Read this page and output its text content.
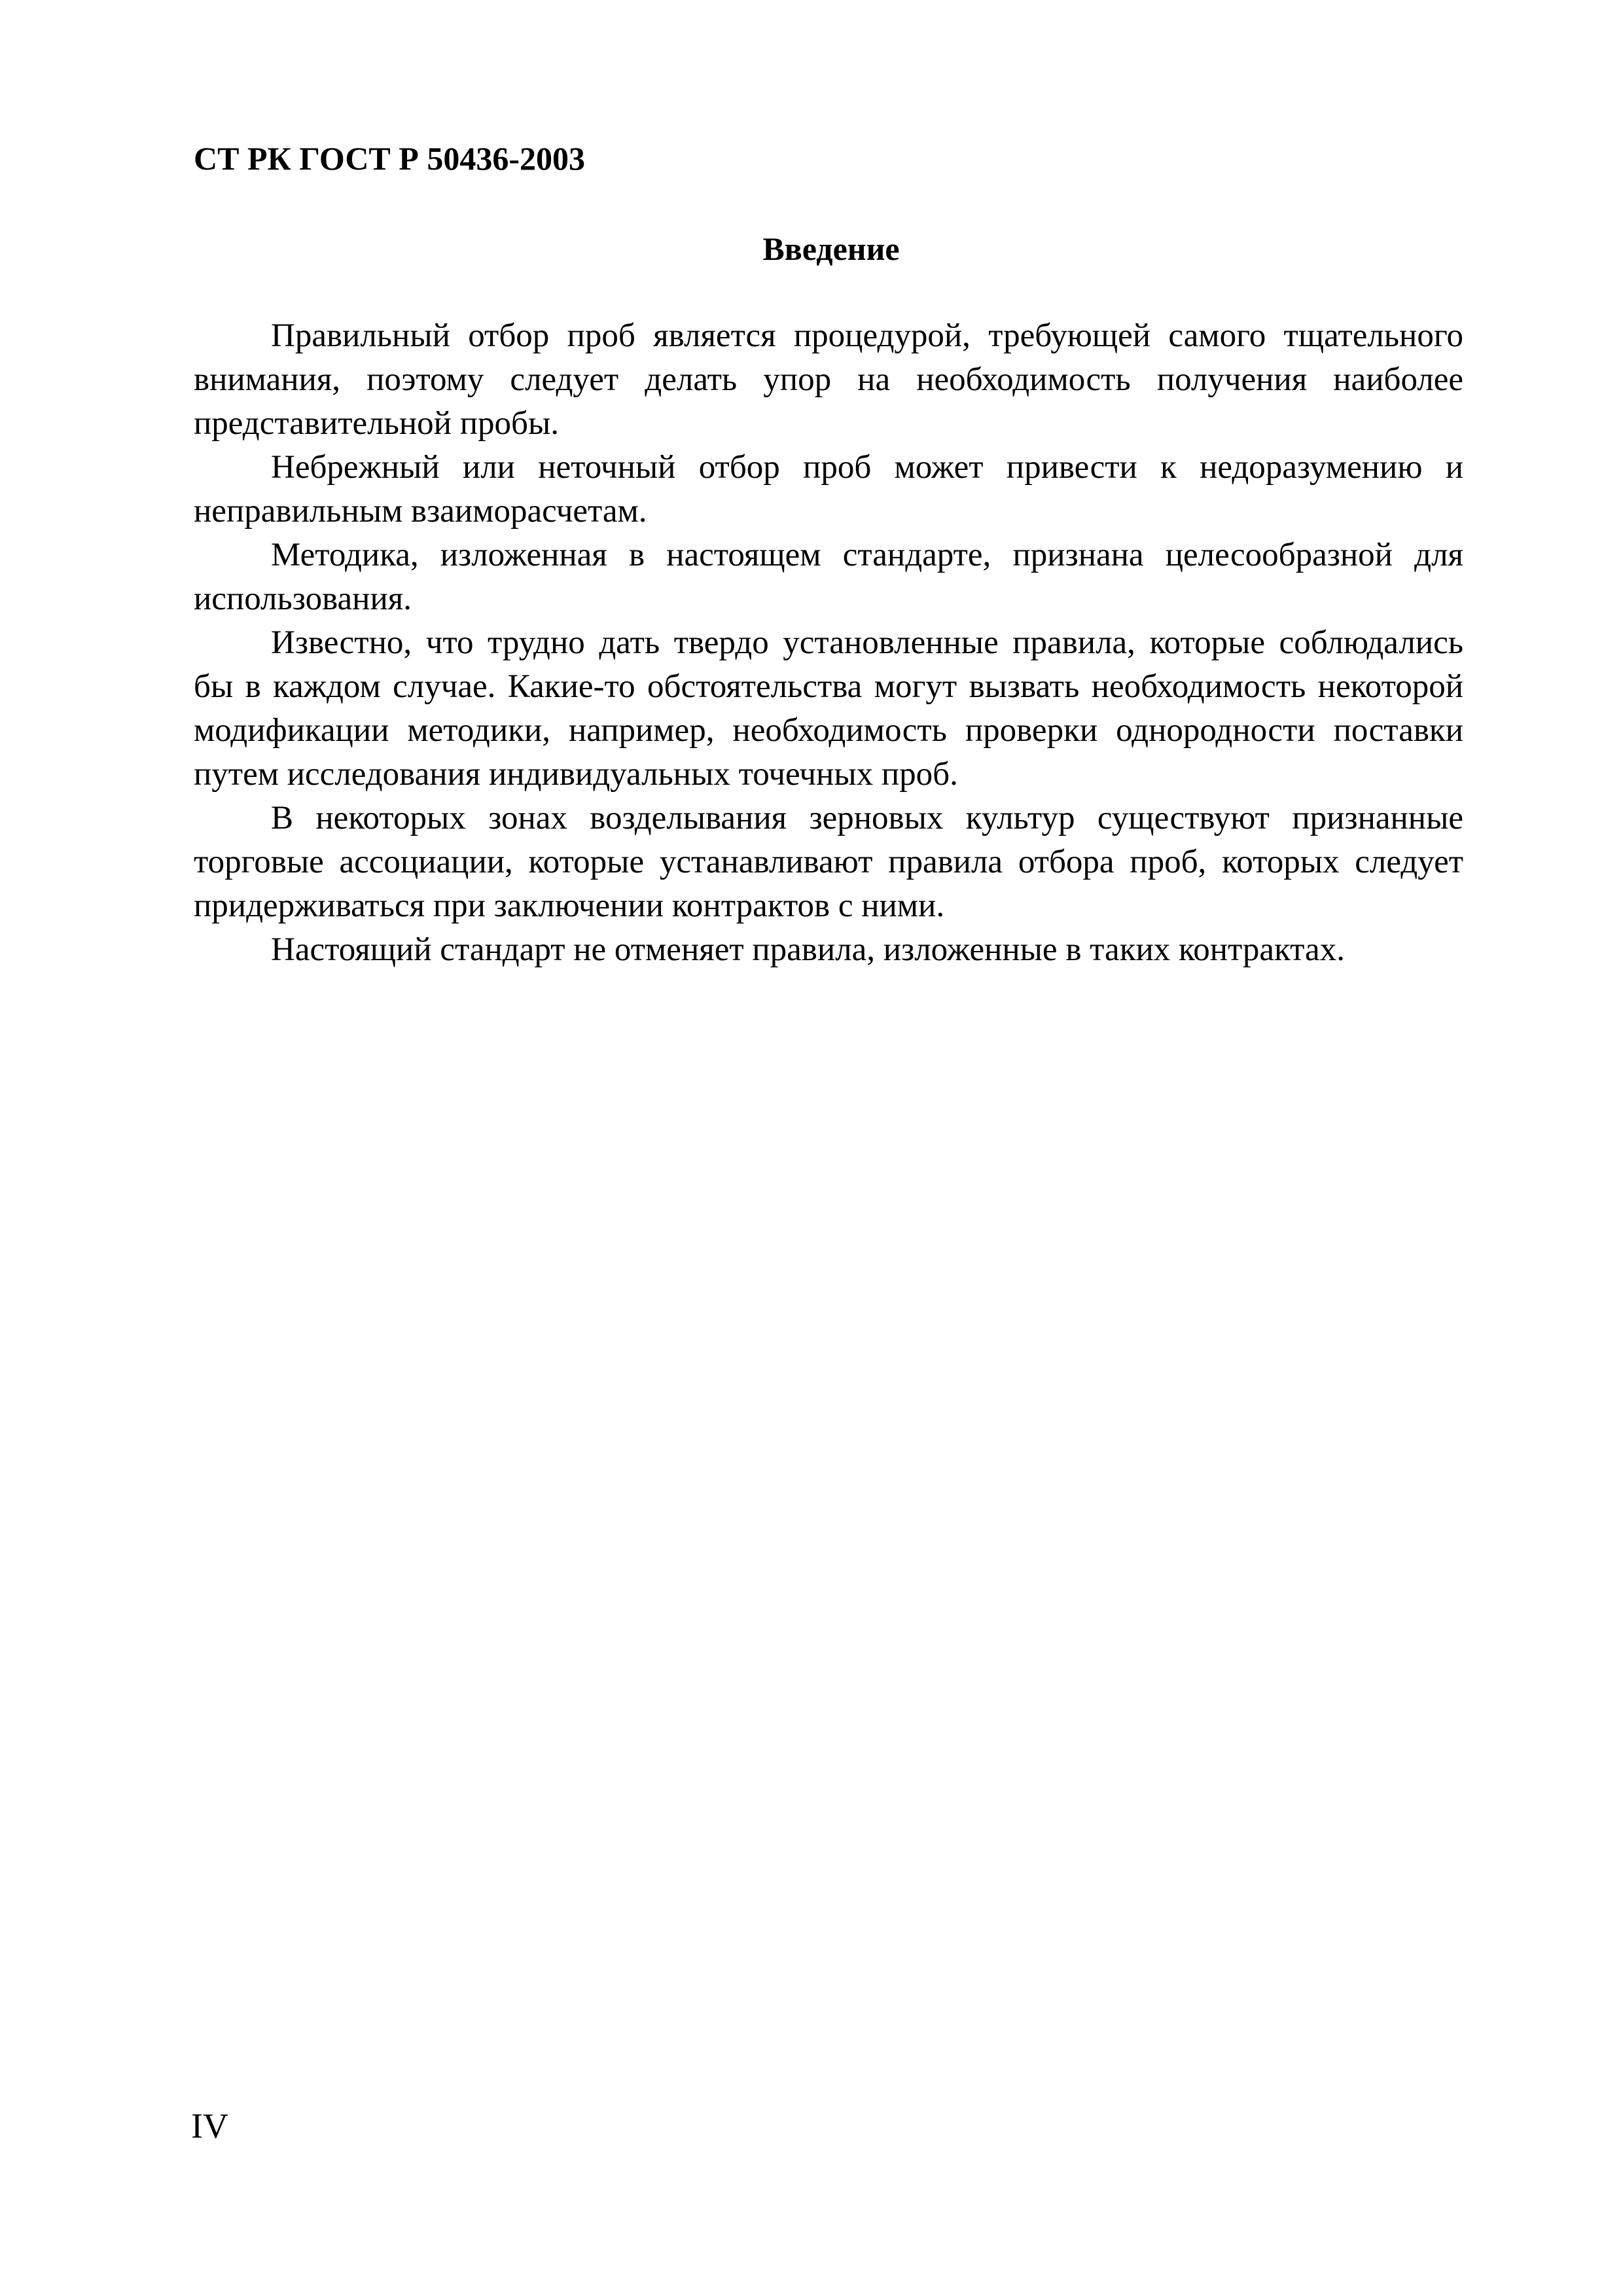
СТ РК ГОСТ Р 50436-2003
Введение

Правильный отбор проб является процедурой, требующей самого тщательного внимания, поэтому следует делать упор на необходимость получения наиболее представительной пробы.

Небрежный или неточный отбор проб может привести к недоразумению и неправильным взаиморасчетам.

Методика, изложенная в настоящем стандарте, признана целесообразной для использования.

Известно, что трудно дать твердо установленные правила, которые соблюдались бы в каждом случае. Какие-то обстоятельства могут вызвать необходимость некоторой модификации методики, например, необходимость проверки однородности поставки путем исследования индивидуальных точечных проб.

В некоторых зонах возделывания зерновых культур существуют признанные торговые ассоциации, которые устанавливают правила отбора проб, которых следует придерживаться при заключении контрактов с ними.

Настоящий стандарт не отменяет правила, изложенные в таких контрактах.

IV
